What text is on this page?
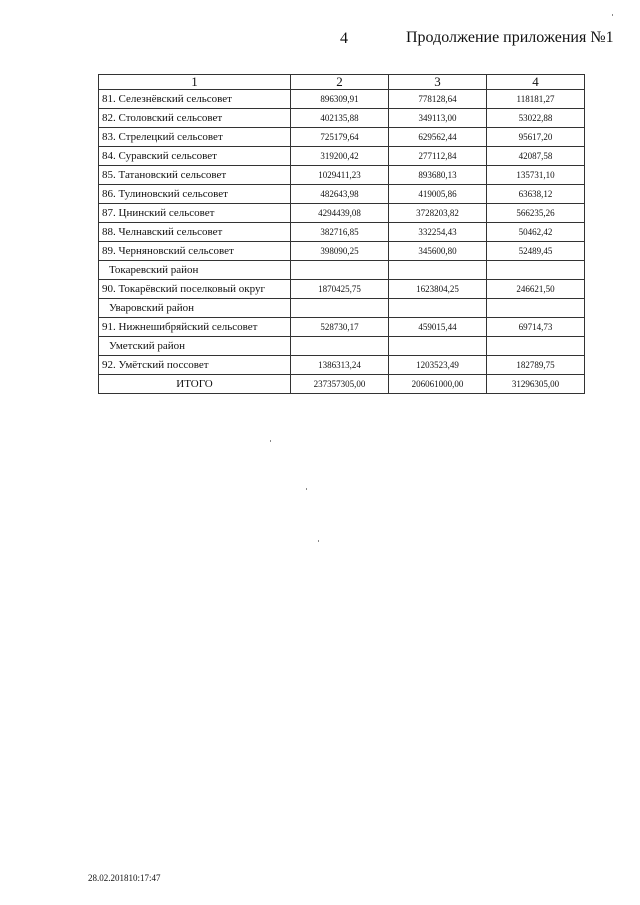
4	Продолжение приложения №1
1	2	3	4
81. Селезнёвский сельсовет	896309,91	778128,64	118181,27
82. Столовский сельсовет	402135,88	349113,00	53022,88
83. Стрелецкий сельсовет	725179,64	629562,44	95617,20
84. Суравский сельсовет	319200,42	277112,84	42087,58
85. Татановский сельсовет	1029411,23	893680,13	135731,10
86. Тулиновский сельсовет	482643,98	419005,86	63638,12
87. Цнинский сельсовет	4294439,08	3728203,82	566235,26
88. Челнавский сельсовет	382716,85	332254,43	50462,42
89. Черняновский сельсовет	398090,25	345600,80	52489,45
Токаревский район			
90. Токарёвский поселковый округ	1870425,75	1623804,25	246621,50
Уваровский район			
91. Нижнешибряйский сельсовет	528730,17	459015,44	69714,73
Уметский район			
92. Умётский поссовет	1386313,24	1203523,49	182789,75
ИТОГО	237357305,00	206061000,00	31296305,00
28.02.201810:17:47
